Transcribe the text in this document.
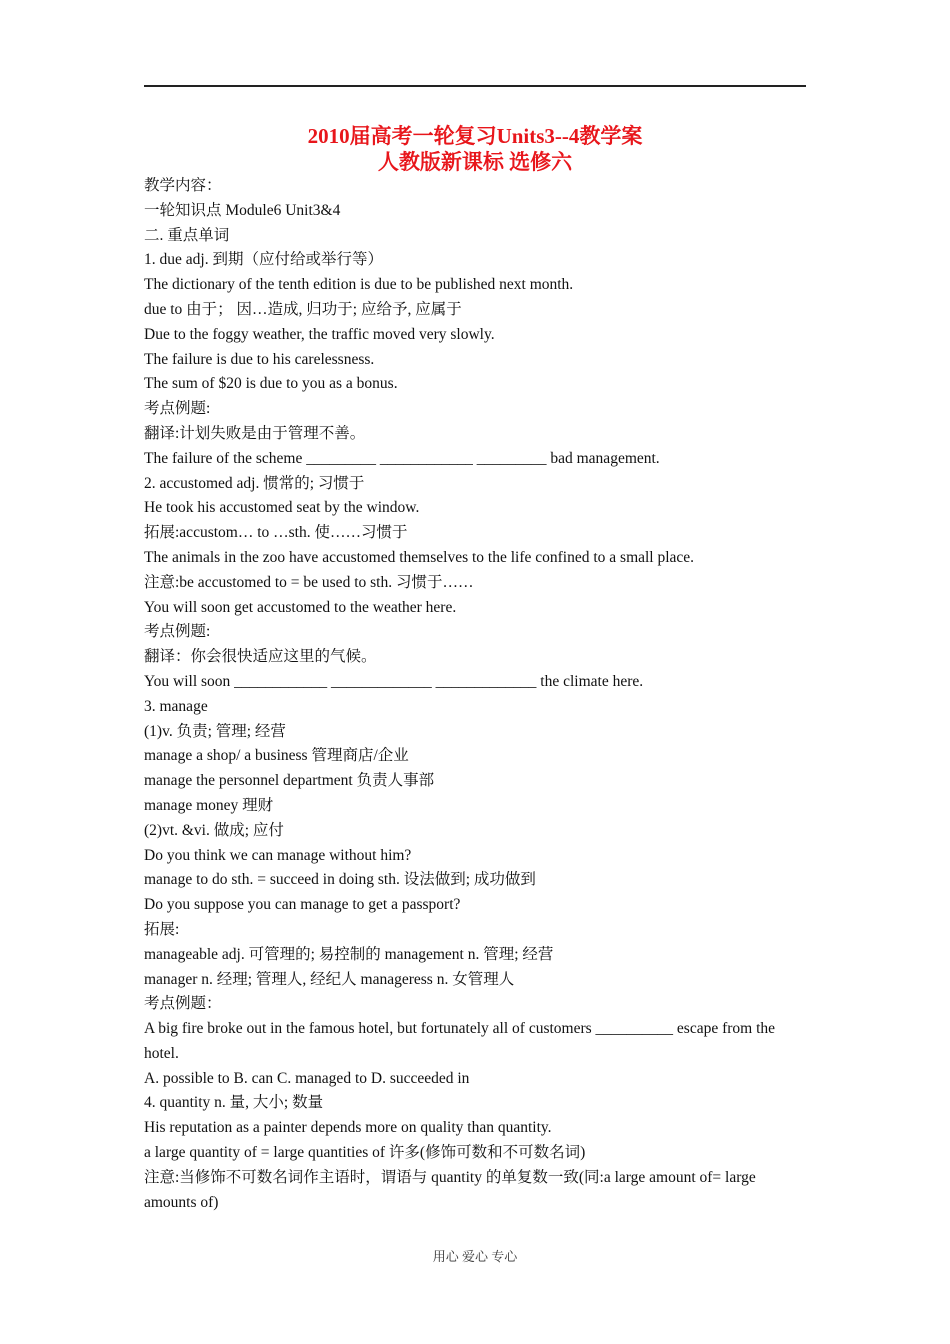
2010届高考一轮复习Units3--4教学案
人教版新课标 选修六

教学内容：

一轮知识点 Module6 Unit3&4

二. 重点单词

1. due adj. 到期（应付给或举行等）

The dictionary of the tenth edition is due to be published next month.

due to 由于； 因…造成, 归功于; 应给予, 应属于

Due to the foggy weather, the traffic moved very slowly.

The failure is due to his carelessness.

The sum of $20 is due to you as a bonus.

考点例题:

翻译:计划失败是由于管理不善。

The failure of the scheme _________ ____________ _________ bad management.

2. accustomed adj. 惯常的; 习惯于

He took his accustomed seat by the window.

拓展:accustom… to …sth. 使……习惯于

The animals in the zoo have accustomed themselves to the life confined to a small place.

注意:be accustomed to = be used to sth. 习惯于……

You will soon get accustomed to the weather here.

考点例题:

翻译：你会很快适应这里的气候。

You will soon ____________ _____________ _____________ the climate here.

3. manage

(1)v. 负责; 管理; 经营

manage a shop/ a business 管理商店/企业

manage the personnel department 负责人事部

manage money 理财

(2)vt. &vi. 做成; 应付

Do you think we can manage without him?

manage to do sth. = succeed in doing sth. 设法做到; 成功做到

Do you suppose you can manage to get a passport?

拓展:

manageable adj. 可管理的; 易控制的 management n. 管理; 经营

manager n. 经理; 管理人, 经纪人 manageress n. 女管理人

考点例题：

A big fire broke out in the famous hotel, but fortunately all of customers __________ escape from the hotel.

A. possible to B. can C. managed to D. succeeded in

4. quantity n. 量, 大小; 数量

His reputation as a painter depends more on quality than quantity.

a large quantity of = large quantities of 许多(修饰可数和不可数名词)

注意:当修饰不可数名词作主语时，谓语与 quantity 的单复数一致(同:a large amount of= large amounts of)

用心 爱心 专心
